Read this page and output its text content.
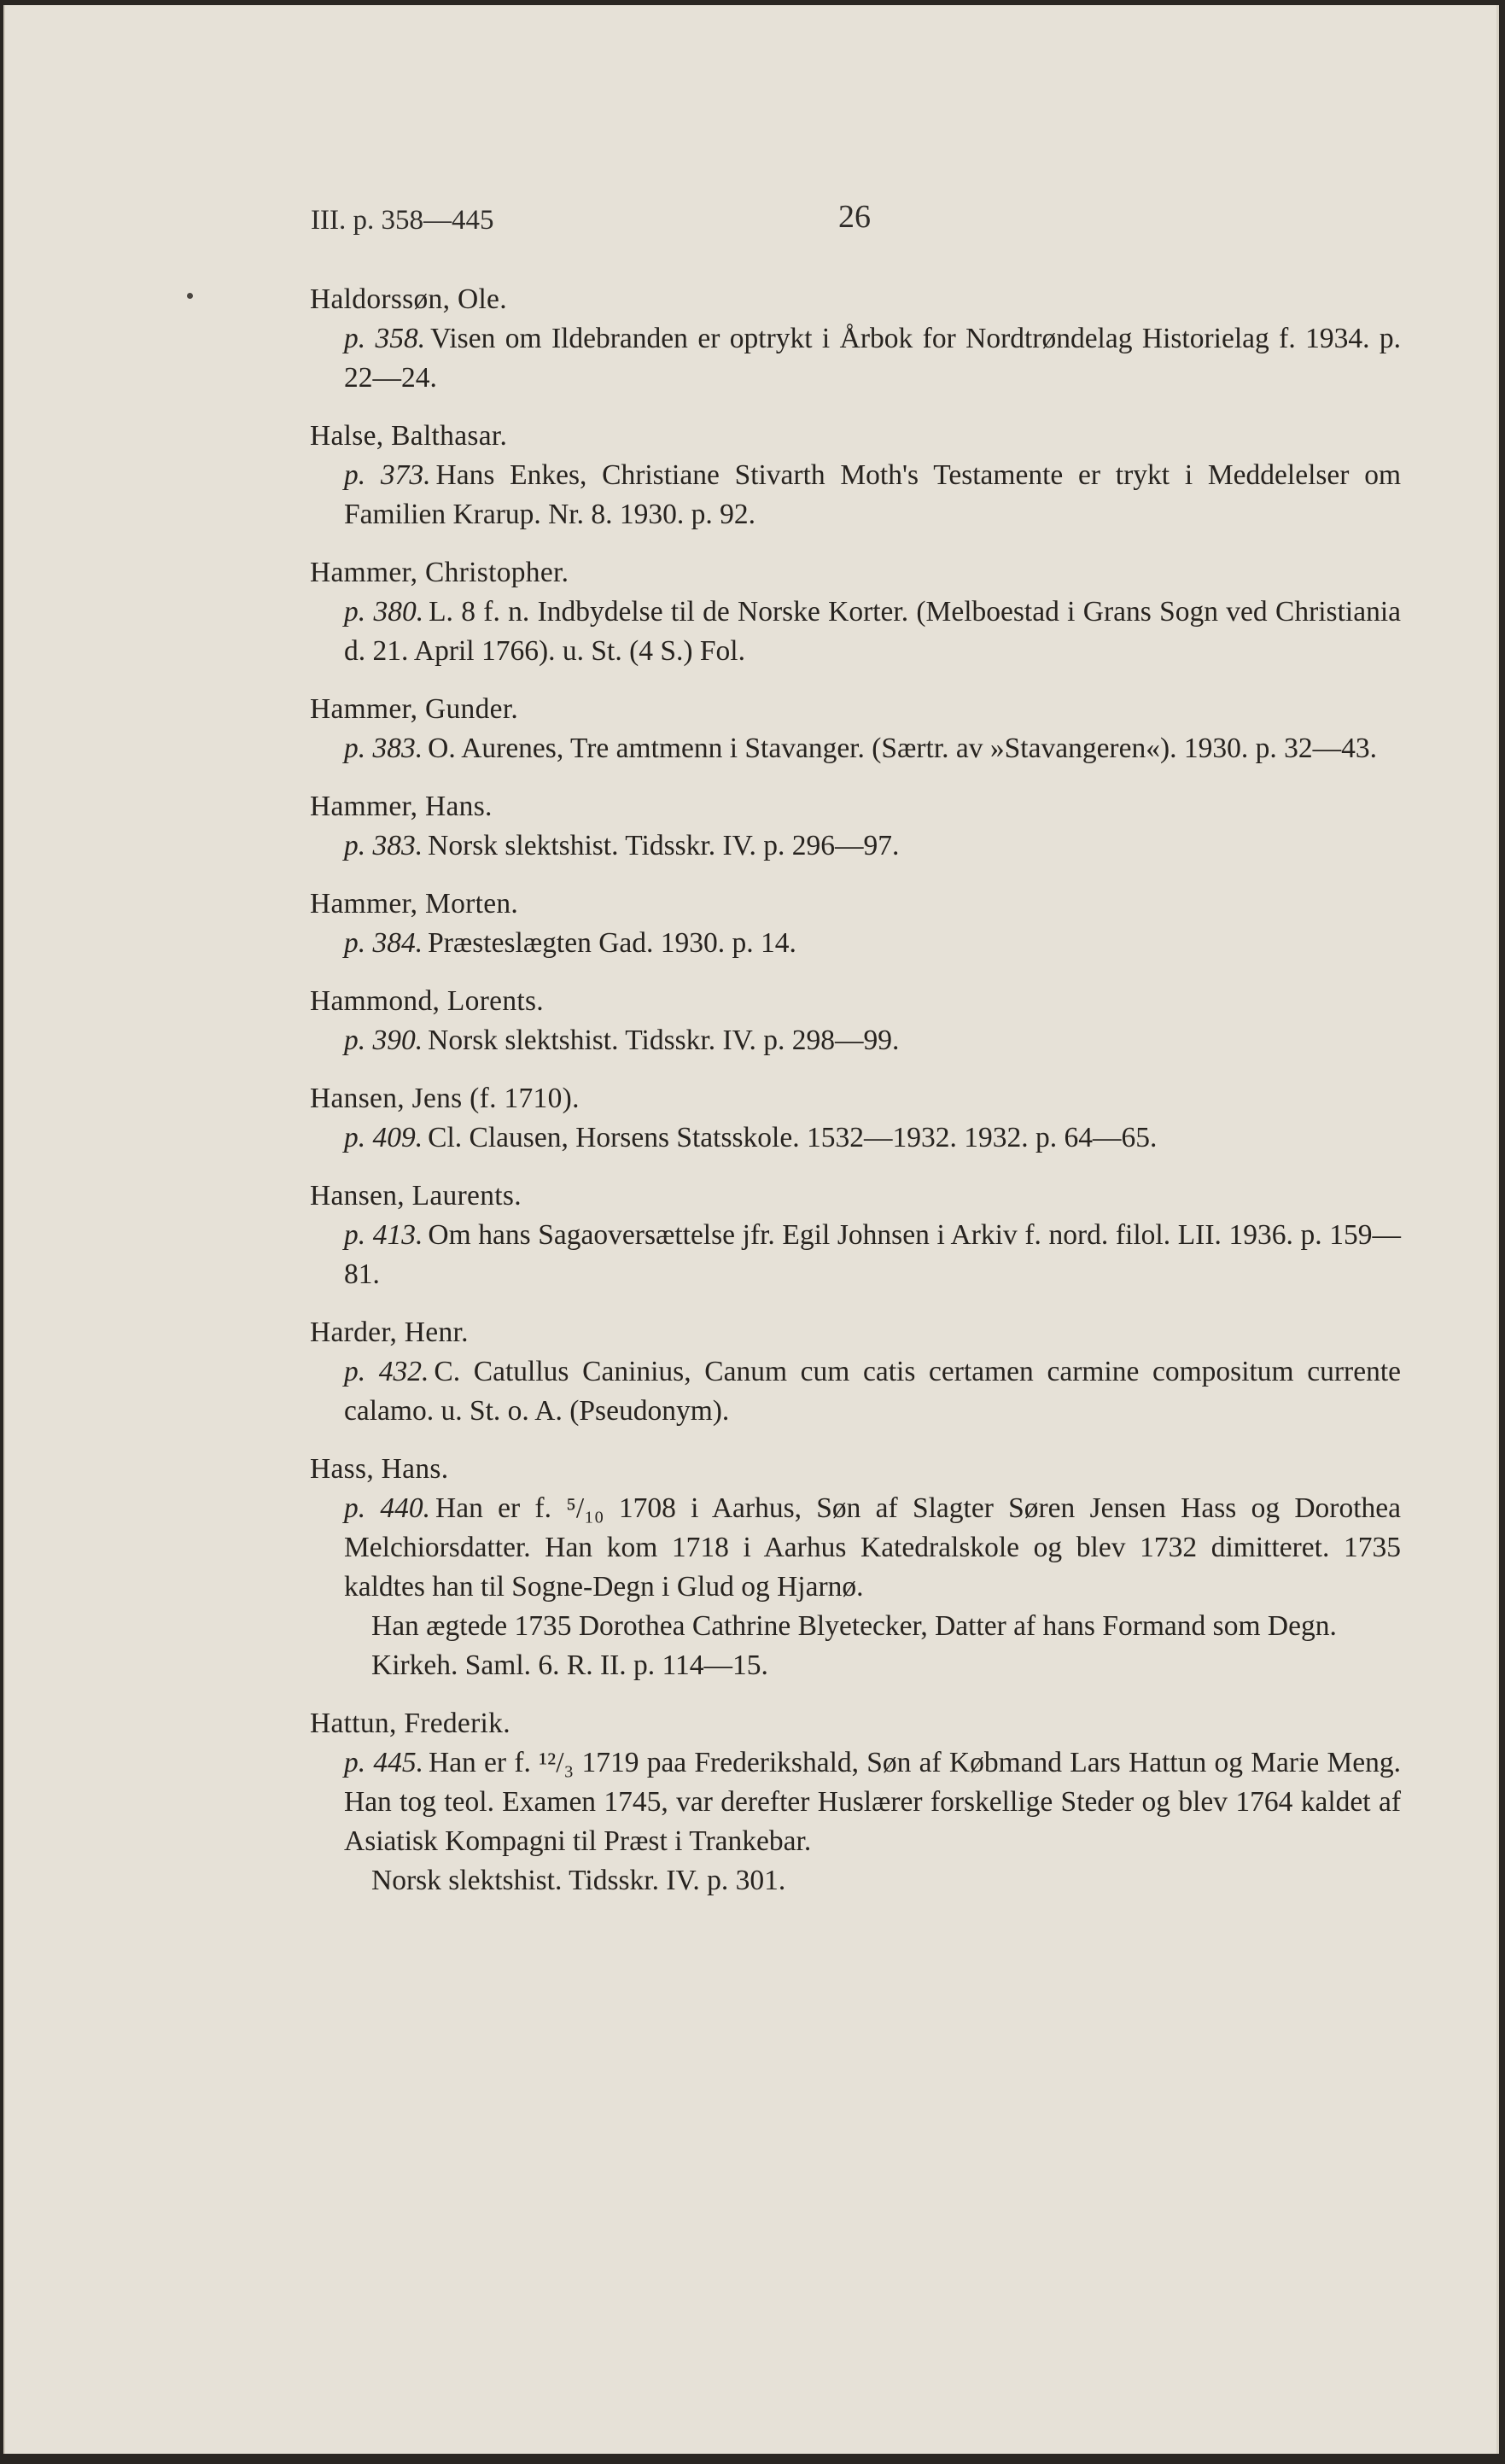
III. p. 358—445	26
Haldorssøn, Ole.

p. 358. Visen om Ildebranden er optrykt i Årbok for Nordtrøndelag Historielag f. 1934. p. 22—24.

Halse, Balthasar.

p. 373. Hans Enkes, Christiane Stivarth Moth's Testamente er trykt i Meddelelser om Familien Krarup. Nr. 8. 1930. p. 92.

Hammer, Christopher.

p. 380. L. 8 f. n. Indbydelse til de Norske Korter. (Melboestad i Grans Sogn ved Christiania d. 21. April 1766). u. St. (4 S.) Fol.

Hammer, Gunder.

p. 383. O. Aurenes, Tre amtmenn i Stavanger. (Særtr. av »Stavangeren«). 1930. p. 32—43.

Hammer, Hans.

p. 383. Norsk slektshist. Tidsskr. IV. p. 296—97.

Hammer, Morten.

p. 384. Præsteslægten Gad. 1930. p. 14.

Hammond, Lorents.

p. 390. Norsk slektshist. Tidsskr. IV. p. 298—99.

Hansen, Jens (f. 1710).

p. 409. Cl. Clausen, Horsens Statsskole. 1532—1932. 1932. p. 64—65.

Hansen, Laurents.

p. 413. Om hans Sagaoversættelse jfr. Egil Johnsen i Arkiv f. nord. filol. LII. 1936. p. 159—81.

Harder, Henr.

p. 432. C. Catullus Caninius, Canum cum catis certamen carmine compositum currente calamo. u. St. o. A. (Pseudonym).

Hass, Hans.

p. 440. Han er f. ⁵/₁₀ 1708 i Aarhus, Søn af Slagter Søren Jensen Hass og Dorothea Melchiorsdatter. Han kom 1718 i Aarhus Katedralskole og blev 1732 dimitteret. 1735 kaldtes han til Sogne-Degn i Glud og Hjarnø.

Han ægtede 1735 Dorothea Cathrine Blyetecker, Datter af hans Formand som Degn.

Kirkeh. Saml. 6. R. II. p. 114—15.

Hattun, Frederik.

p. 445. Han er f. ¹²/₃ 1719 paa Frederikshald, Søn af Købmand Lars Hattun og Marie Meng. Han tog teol. Examen 1745, var derefter Huslærer forskellige Steder og blev 1764 kaldet af Asiatisk Kompagni til Præst i Trankebar.

Norsk slektshist. Tidsskr. IV. p. 301.
